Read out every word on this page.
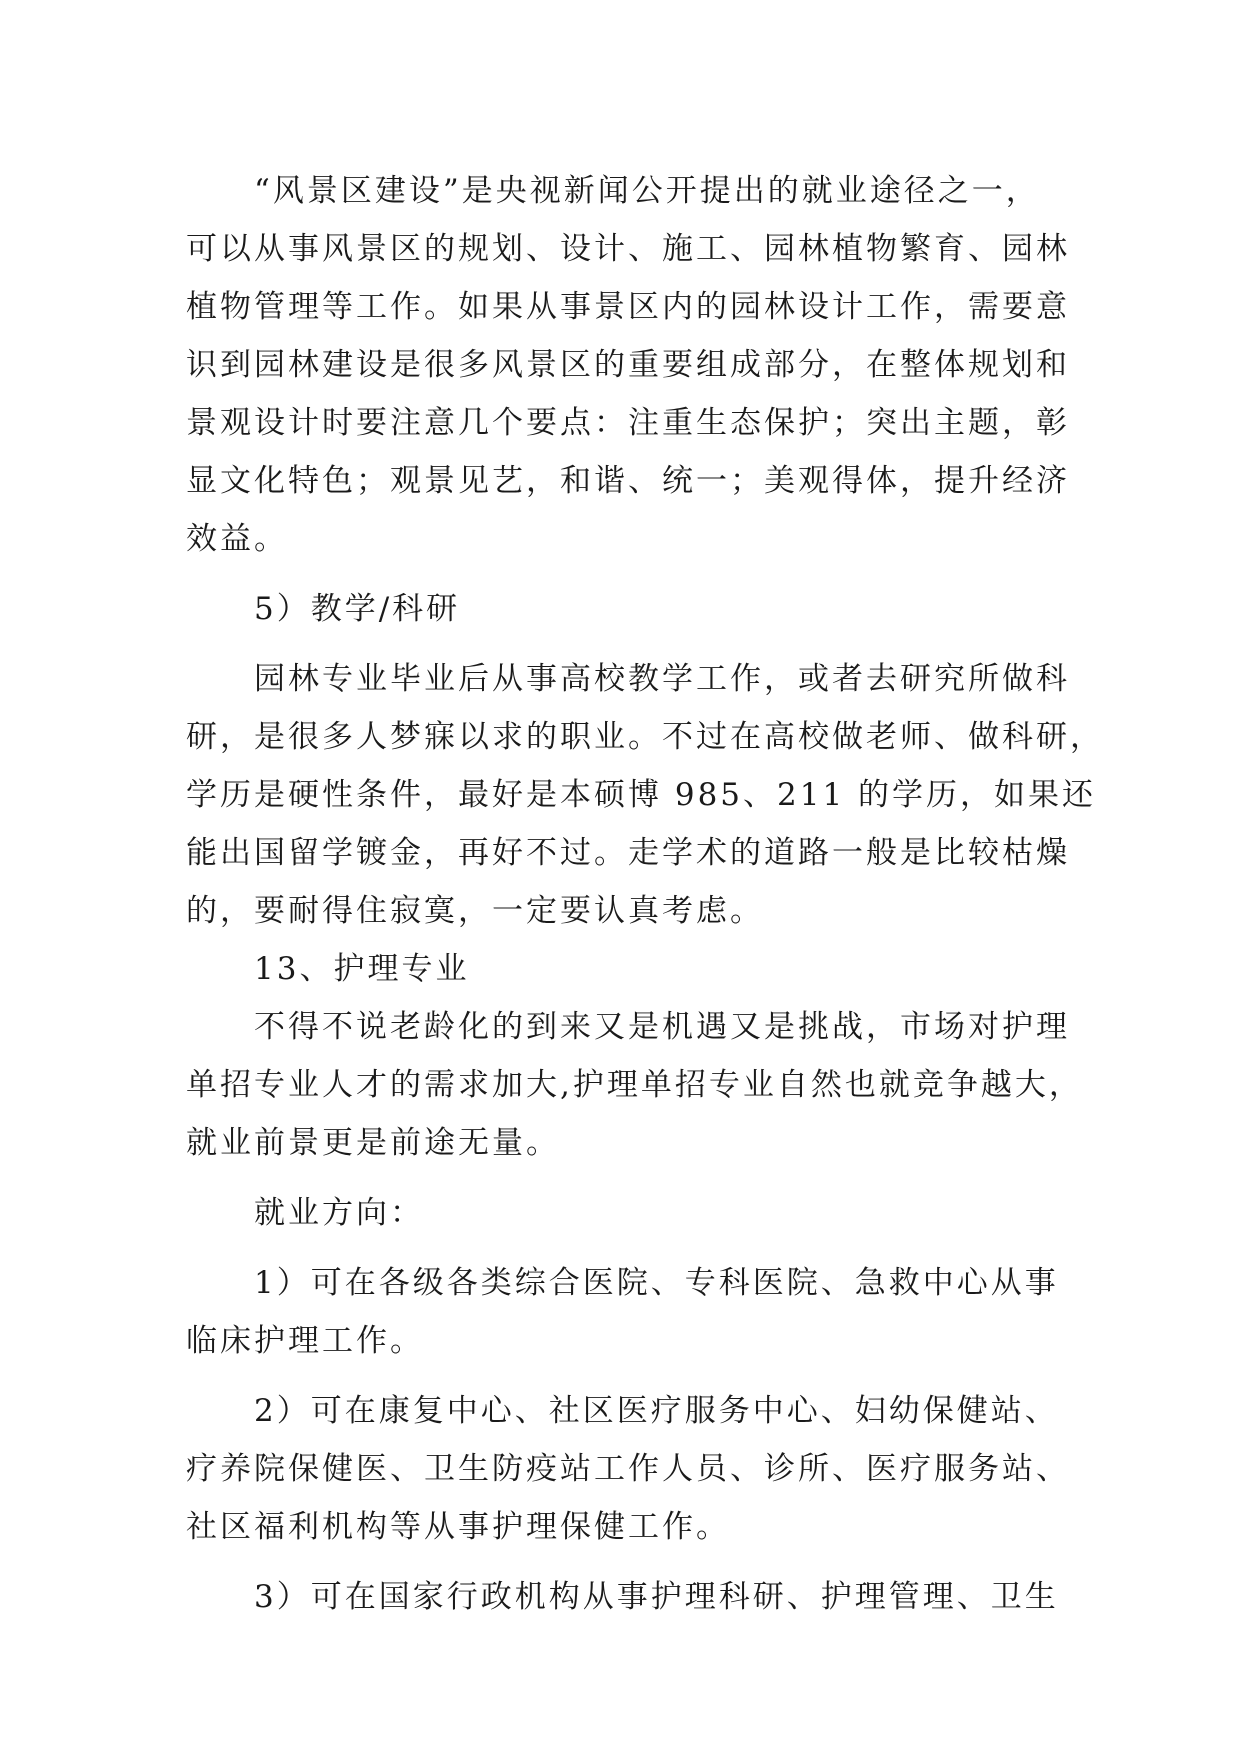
　　“风景区建设”是央视新闻公开提出的就业途径之一，
可以从事风景区的规划、设计、施工、园林植物繁育、园林
植物管理等工作。如果从事景区内的园林设计工作，需要意
识到园林建设是很多风景区的重要组成部分，在整体规划和
景观设计时要注意几个要点：注重生态保护；突出主题，彰
显文化特色；观景见艺，和谐、统一；美观得体，提升经济
效益。
　　5）教学/科研
　　园林专业毕业后从事高校教学工作，或者去研究所做科
研，是很多人梦寐以求的职业。不过在高校做老师、做科研，
学历是硬性条件，最好是本硕博 985、211 的学历，如果还
能出国留学镀金，再好不过。走学术的道路一般是比较枯燥
的，要耐得住寂寞，一定要认真考虑。
　　13、护理专业
　　不得不说老龄化的到来又是机遇又是挑战，市场对护理
单招专业人才的需求加大,护理单招专业自然也就竞争越大，
就业前景更是前途无量。
　　就业方向：
　　1）可在各级各类综合医院、专科医院、急救中心从事
临床护理工作。
　　2）可在康复中心、社区医疗服务中心、妇幼保健站、
疗养院保健医、卫生防疫站工作人员、诊所、医疗服务站、
社区福利机构等从事护理保健工作。
　　3）可在国家行政机构从事护理科研、护理管理、卫生
